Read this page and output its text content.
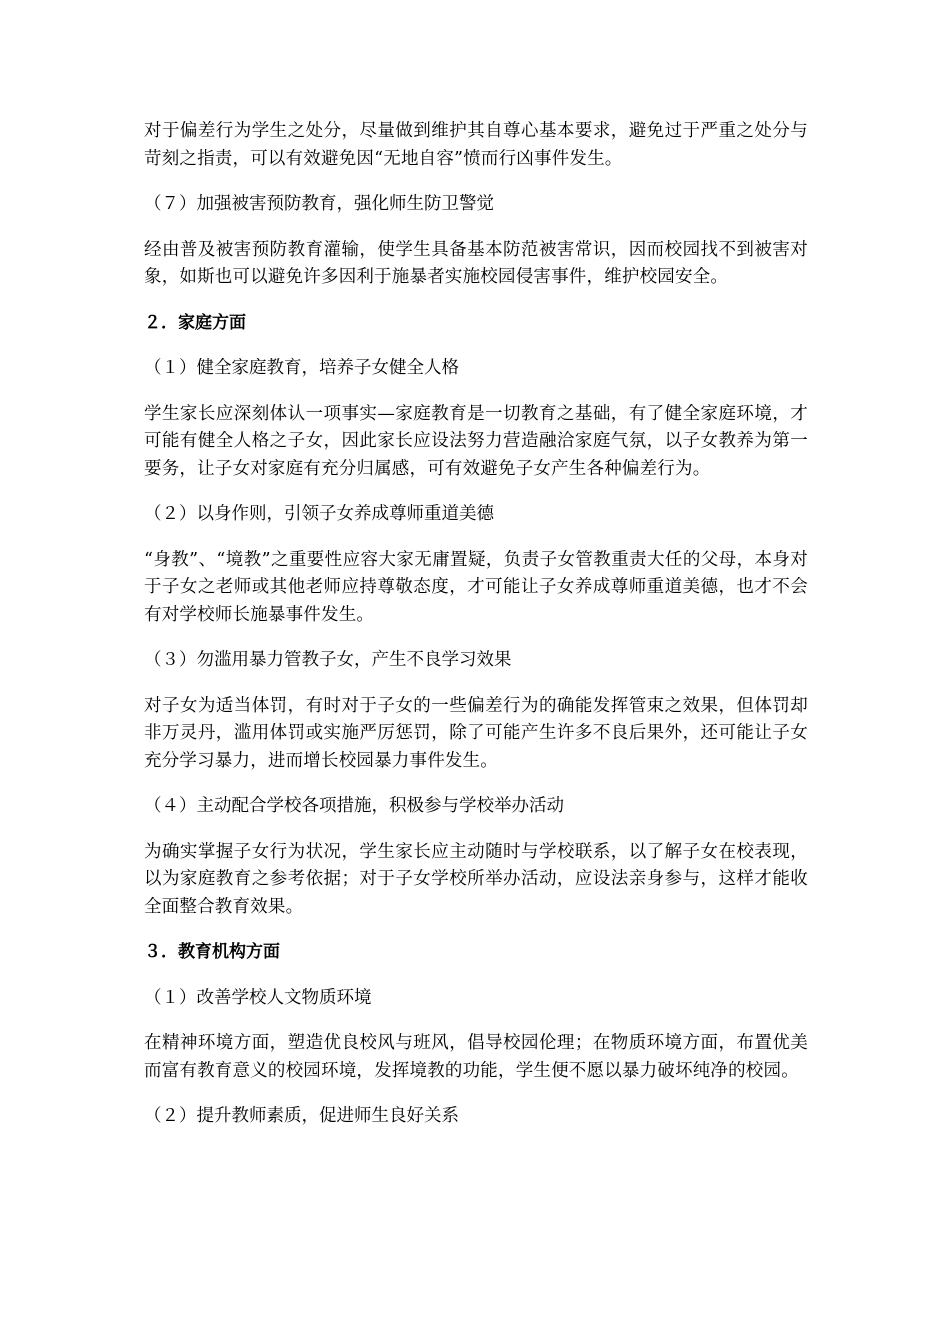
对于偏差行为学生之处分，尽量做到维护其自尊心基本要求，避免过于严重之处分与苛刻之指责，可以有效避免因“无地自容”愤而行凶事件发生。

（７）加强被害预防教育，强化师生防卫警觉

经由普及被害预防教育灌输，使学生具备基本防范被害常识，因而校园找不到被害对象，如斯也可以避免许多因利于施暴者实施校园侵害事件，维护校园安全。

２．家庭方面

（１）健全家庭教育，培养子女健全人格

学生家长应深刻体认一项事实—家庭教育是一切教育之基础，有了健全家庭环境，才可能有健全人格之子女，因此家长应设法努力营造融洽家庭气氛，以子女教养为第一要务，让子女对家庭有充分归属感，可有效避免子女产生各种偏差行为。

（２）以身作则，引领子女养成尊师重道美德

“身教”、“境教”之重要性应容大家无庸置疑，负责子女管教重责大任的父母，本身对于子女之老师或其他老师应持尊敬态度，才可能让子女养成尊师重道美德，也才不会有对学校师长施暴事件发生。

（３）勿滥用暴力管教子女，产生不良学习效果

对子女为适当体罚，有时对于子女的一些偏差行为的确能发挥管束之效果，但体罚却非万灵丹，滥用体罚或实施严厉惩罚，除了可能产生许多不良后果外，还可能让子女充分学习暴力，进而增长校园暴力事件发生。

（４）主动配合学校各项措施，积极参与学校举办活动

为确实掌握子女行为状况，学生家长应主动随时与学校联系，以了解子女在校表现，以为家庭教育之参考依据；对于子女学校所举办活动，应设法亲身参与，这样才能收全面整合教育效果。

３．教育机构方面

（１）改善学校人文物质环境

在精神环境方面，塑造优良校风与班风，倡导校园伦理；在物质环境方面，布置优美而富有教育意义的校园环境，发挥境教的功能，学生便不愿以暴力破坏纯净的校园。

（２）提升教师素质，促进师生良好关系
